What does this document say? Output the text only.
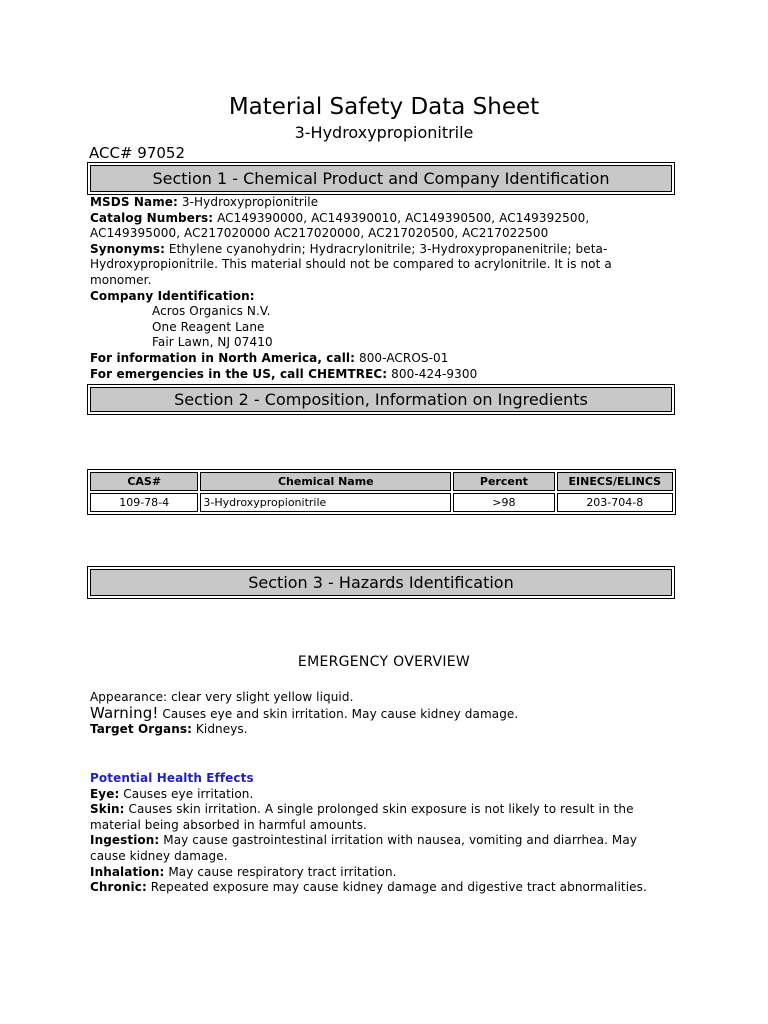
Material Safety Data Sheet
3-Hydroxypropionitrile
ACC# 97052
Section 1 - Chemical Product and Company Identification
MSDS Name: 3-Hydroxypropionitrile
Catalog Numbers: AC149390000, AC149390010, AC149390500, AC149392500,
AC149395000, AC217020000 AC217020000, AC217020500, AC217022500
Synonyms: Ethylene cyanohydrin; Hydracrylonitrile; 3-Hydroxypropanenitrile; beta-Hydroxypropionitrile. This material should not be compared to acrylonitrile. It is not a monomer.
Company Identification:
Acros Organics N.V.
One Reagent Lane
Fair Lawn, NJ 07410
For information in North America, call: 800-ACROS-01
For emergencies in the US, call CHEMTREC: 800-424-9300
Section 2 - Composition, Information on Ingredients
CAS#	Chemical Name	Percent	EINECS/ELINCS
109-78-4	3-Hydroxypropionitrile	>98	203-704-8
Section 3 - Hazards Identification
EMERGENCY OVERVIEW
Appearance: clear very slight yellow liquid.
Warning! Causes eye and skin irritation. May cause kidney damage.
Target Organs: Kidneys.
Potential Health Effects
Eye: Causes eye irritation.
Skin: Causes skin irritation. A single prolonged skin exposure is not likely to result in the material being absorbed in harmful amounts.
Ingestion: May cause gastrointestinal irritation with nausea, vomiting and diarrhea. May cause kidney damage.
Inhalation: May cause respiratory tract irritation.
Chronic: Repeated exposure may cause kidney damage and digestive tract abnormalities.
